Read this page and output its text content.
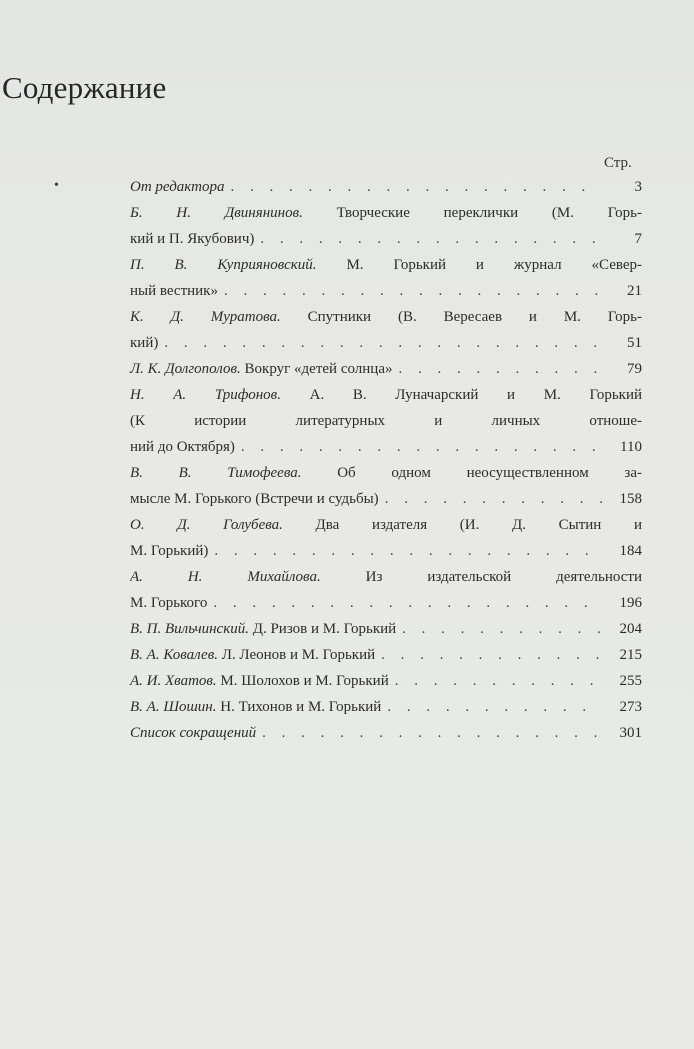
Содержание
Стр.
•	От редактора . . .	3
Б. Н. Двинянинов. Творческие переклички (М. Горь-
кий и П. Якубович) . . .	7
П. В. Куприяновский. М. Горький и журнал «Север-
ный вестник» . . .	21
К. Д. Муратова. Спутники (В. Вересаев и М. Горь-
кий) . . .	51
Л. К. Долгополов. Вокруг «детей солнца» . . .	79
Н. А. Трифонов. А. В. Луначарский и М. Горький
(К истории литературных и личных отноше-
ний до Октября) . . .	110
В. В. Тимофеева. Об одном неосуществленном за-
мысле М. Горького (Встречи и судьбы) . . .	158
О. Д. Голубева. Два издателя (И. Д. Сытин и
М. Горький) . . .	184
А. Н. Михайлова.	Из издательской деятельности
М. Горького . . .	196
В. П. Вильчинский. Д. Ризов и М. Горький . . .	204
В. А. Ковалев. Л. Леонов и М. Горький . . .	215
А. И. Хватов. М. Шолохов и М. Горький . . .	255
В. А. Шошин. Н. Тихонов и М. Горький . . .	273
Список сокращений . . .	301
